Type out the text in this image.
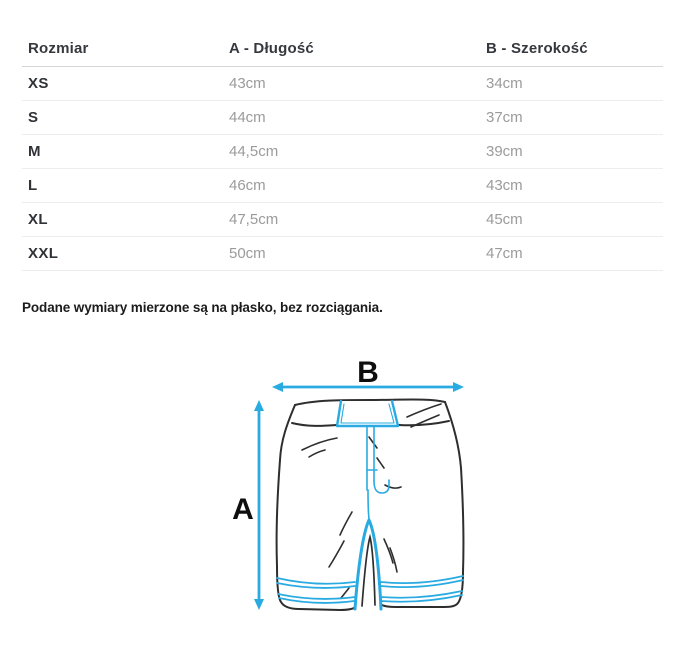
Rozmiar	A - Długość	B - Szerokość
XS	43cm	34cm
S	44cm	37cm
M	44,5cm	39cm
L	46cm	43cm
XL	47,5cm	45cm
XXL	50cm	47cm
Podane wymiary mierzone są na płasko, bez rozciągania.
B
A
